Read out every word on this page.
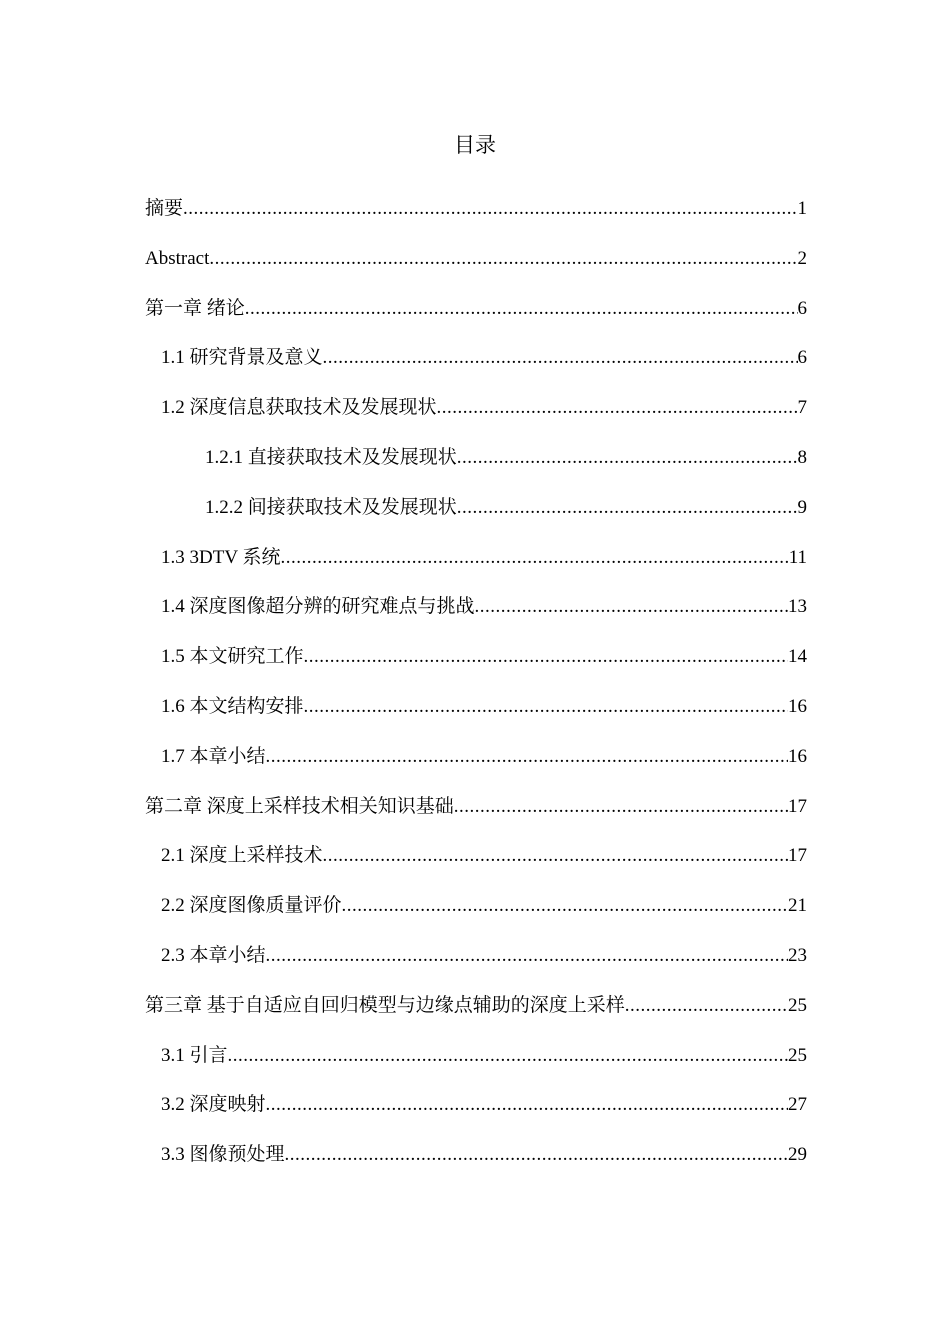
目录
摘要 .....	1
Abstract .....	2
第一章 绪论 .....	6
1.1 研究背景及意义 .....	6
1.2 深度信息获取技术及发展现状 .....	7
1.2.1 直接获取技术及发展现状 .....	8
1.2.2 间接获取技术及发展现状 .....	9
1.3 3DTV 系统 .....	11
1.4 深度图像超分辨的研究难点与挑战 .....	13
1.5 本文研究工作 .....	14
1.6 本文结构安排 .....	16
1.7 本章小结 .....	16
第二章 深度上采样技术相关知识基础 .....	17
2.1 深度上采样技术 .....	17
2.2 深度图像质量评价 .....	21
2.3 本章小结 .....	23
第三章 基于自适应自回归模型与边缘点辅助的深度上采样 .....	25
3.1 引言 .....	25
3.2 深度映射 .....	27
3.3 图像预处理 .....	29
